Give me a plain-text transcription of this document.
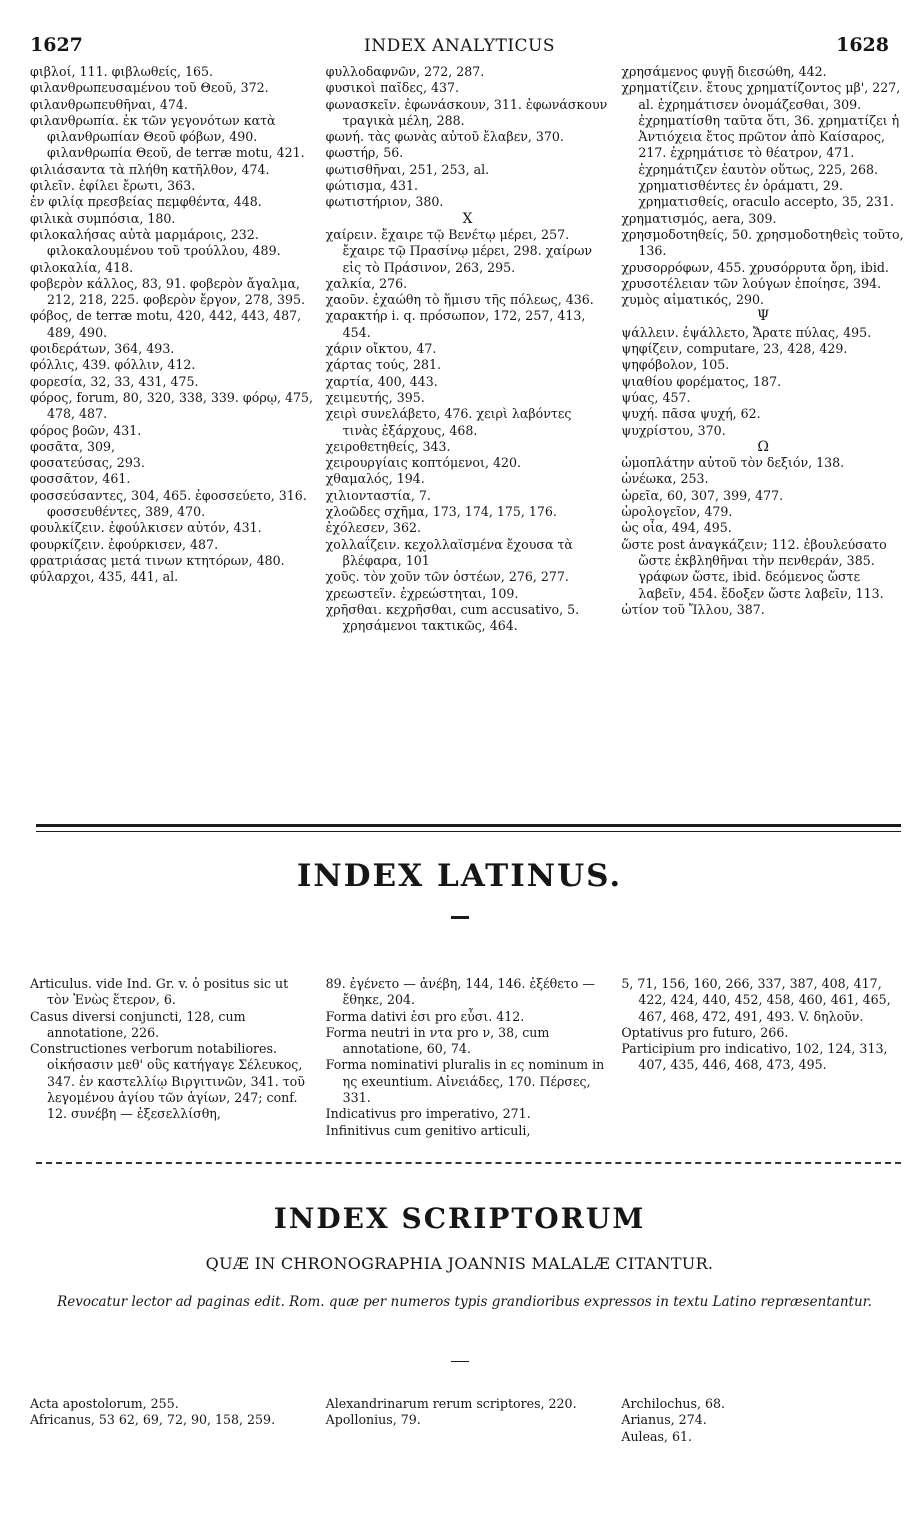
1627	INDEX ANALYTICUS	1628
φιβλοί, 111. φιβλωθείς, 165.
φιλανθρωπευσαμένου τοῦ Θεοῦ, 372.
φιλανθρωπευθῆναι, 474.
φιλανθρωπία. ἐκ τῶν γεγονότων κατὰ φιλανθρωπίαν Θεοῦ φόβων, 490. φιλανθρωπία Θεοῦ, de terræ motu, 421.
φιλιάσαντα τὰ πλήθη κατῆλθον, 474.
φιλεῖν. ἐφίλει ἔρωτι, 363.
ἐν φιλίᾳ πρεσβείας πεμφθέντα, 448.
φιλικὰ συμπόσια, 180.
φιλοκαλήσας αὐτὰ μαρμάροις, 232. φιλοκαλουμένου τοῦ τρούλλου, 489.
φιλοκαλία, 418.
φοβερὸν κάλλος, 83, 91. φοβερὸν ἄγαλμα, 212, 218, 225. φοβερὸν ἔργον, 278, 395.
φόβος, de terræ motu, 420, 442, 443, 487, 489, 490.
φοιδεράτων, 364, 493.
φόλλις, 439. φόλλιν, 412.
φορεσία, 32, 33, 431, 475.
φόρος, forum, 80, 320, 338, 339. φόρῳ, 475, 478, 487.
φόρος βοῶν, 431.
φοσᾶτα, 309,
φοσατεύσας, 293.
φοσσᾶτον, 461.
φοσσεύσαντες, 304, 465. ἐφοσσεύετο, 316. φοσσευθέντες, 389, 470.
φουλκίζειν. ἐφούλκισεν αὐτόν, 431.
φουρκίζειν. ἐφούρκισεν, 487.
φρατριάσας μετά τινων κτητόρων, 480.
φύλαρχοι, 435, 441, al.
φυλλοδαφνῶν, 272, 287.
φυσικοὶ παῖδες, 437.
φωνασκεῖν. ἐφωνάσκουν, 311. ἐφωνάσκουν τραγικὰ μέλη, 288.
φωνή. τὰς φωνὰς αὐτοῦ ἔλαβεν, 370.
φωστήρ, 56.
φωτισθῆναι, 251, 253, al.
φώτισμα, 431.
φωτιστήριον, 380.
Χ
χαίρειν. ἔχαιρε τῷ Βενέτῳ μέρει, 257. ἔχαιρε τῷ Πρασίνῳ μέρει, 298. χαίρων εἰς τὸ Πράσινον, 263, 295.
χαλκία, 276.
χαοῦν. ἐχαώθη τὸ ἥμισυ τῆς πόλεως, 436.
χαρακτήρ i. q. πρόσωπον, 172, 257, 413, 454.
χάριν οἴκτου, 47.
χάρτας τούς, 281.
χαρτία, 400, 443.
χειμευτής, 395.
χειρὶ συνελάβετο, 476. χειρὶ λαβόντες τινὰς ἐξάρχους, 468.
χειροθετηθείς, 343.
χειρουργίαις κοπτόμενοι, 420.
χθαμαλός, 194.
χιλιονταστία, 7.
χλοῶδες σχῆμα, 173, 174, 175, 176.
ἐχόλεσεν, 362.
χολλαΐζειν. κεχολλαϊσμένα ἔχουσα τὰ βλέφαρα, 101
χοῦς. τὸν χοῦν τῶν ὀστέων, 276, 277.
χρεωστεῖν. ἐχρεώστηται, 109.
χρῆσθαι. κεχρῆσθαι, cum accusativo, 5. χρησάμενοι τακτικῶς, 464.
χρησάμενος φυγῇ διεσώθη, 442.
χρηματίζειν. ἔτους χρηματίζοντος μβ', 227, al. ἐχρημάτισεν ὀνομάζεσθαι, 309. ἐχρηματίσθη ταῦτα ὅτι, 36. χρηματίζει ἡ Ἀντιόχεια ἔτος πρῶτον ἀπὸ Καίσαρος, 217. ἐχρημάτισε τὸ θέατρον, 471. ἐχρημάτιζεν ἑαυτὸν οὕτως, 225, 268. χρηματισθέντες ἐν ὁράματι, 29. χρηματισθείς, oraculo accepto, 35, 231.
χρηματισμός, aera, 309.
χρησμοδοτηθείς, 50. χρησμοδοτηθεὶς τοῦτο, 136.
χρυσορρόφων, 455. χρυσόρρυτα ὄρη, ibid.
χρυσοτέλειαν τῶν λούγων ἐποίησε, 394.
χυμὸς αἱματικός, 290.
Ψ
ψάλλειν. ἐψάλλετο, Ἄρατε πύλας, 495.
ψηφίζειν, computare, 23, 428, 429.
ψηφόβολον, 105.
ψιαθίου φορέματος, 187.
ψύας, 457.
ψυχή. πᾶσα ψυχή, 62.
ψυχρίστου, 370.
Ω
ὠμοπλάτην αὐτοῦ τὸν δεξιόν, 138.
ὠνέωκα, 253.
ὡρεῖα, 60, 307, 399, 477.
ὡρολογεῖον, 479.
ὡς οἷα, 494, 495.
ὥστε post ἀναγκάζειν; 112. ἐβουλεύσατο ὥστε ἐκβληθῆναι τὴν πενθεράν, 385. γράφων ὥστε, ibid. δεόμενος ὥστε λαβεῖν, 454. ἔδοξεν ὥστε λαβεῖν, 113.
ὠτίον τοῦ Ἴλλου, 387.
INDEX LATINUS.
Articulus. vide Ind. Gr. v. ὁ positus sic ut τὸν Ἐνὼς ἕτερον, 6.
Casus diversi conjuncti, 128, cum annotatione, 226.
Constructiones verborum notabiliores. οἰκήσασιν μεθ' οὓς κατήγαγε Σέλευκος, 347. ἐν καστελλίῳ Βιργιτινῶν, 341. τοῦ λεγομένου ἁγίου τῶν ἁγίων, 247; conf. 12. συνέβη — ἐξεσελλίσθη,
89. ἐγένετο — ἀνέβη, 144, 146. ἐξέθετο — ἔθηκε, 204.
Forma dativi ἐσι pro εὖσι. 412.
Forma neutri in ντα pro ν, 38, cum annotatione, 60, 74.
Forma nominativi pluralis in ες nominum in ης exeuntium. Αἰνειάδες, 170. Πέρσες, 331.
Indicativus pro imperativo, 271.
Infinitivus cum genitivo articuli,
5, 71, 156, 160, 266, 337, 387, 408, 417, 422, 424, 440, 452, 458, 460, 461, 465, 467, 468, 472, 491, 493. V. δηλοῦν.
Optativus pro futuro, 266.
Participium pro indicativo, 102, 124, 313, 407, 435, 446, 468, 473, 495.
INDEX SCRIPTORUM
QUÆ IN CHRONOGRAPHIA JOANNIS MALALÆ CITANTUR.
Revocatur lector ad paginas edit. Rom. quæ per numeros typis grandioribus expressos in textu Latino repræsentantur.
Acta apostolorum, 255.
Africanus, 53 62, 69, 72, 90, 158, 259.
Alexandrinarum rerum scriptores, 220.
Apollonius, 79.
Archilochus, 68.
Arianus, 274.
Auleas, 61.
